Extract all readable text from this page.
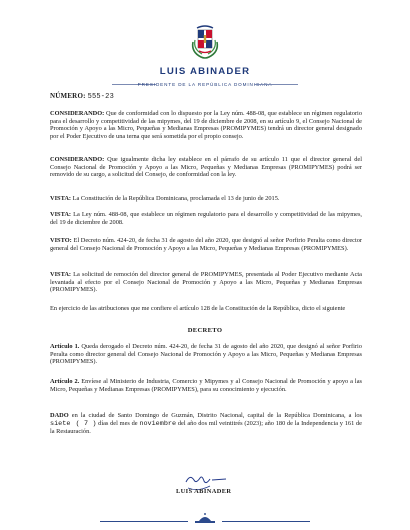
LUIS ABINADER
PRESIDENTE DE LA REPÚBLICA DOMINICANA
NÚMERO: 555-23
CONSIDERANDO: Que de conformidad con lo dispuesto por la Ley núm. 488-08, que establece un régimen regulatorio para el desarrollo y competitividad de las mipymes, del 19 de diciembre de 2008, en su artículo 9, el Consejo Nacional de Promoción y Apoyo a las Micro, Pequeñas y Medianas Empresas (PROMIPYMES) tendrá un director general designado por el Poder Ejecutivo de una terna que será sometida por el propio consejo.
CONSIDERANDO: Que igualmente dicha ley establece en el párrafo de su artículo 11 que el director general del Consejo Nacional de Promoción y Apoyo a las Micro, Pequeñas y Medianas Empresas (PROMIPYMES) podrá ser removido de su cargo, a solicitud del Consejo, de conformidad con la ley.
VISTA: La Constitución de la República Dominicana, proclamada el 13 de junio de 2015.
VISTA: La Ley núm. 488-08, que establece un régimen regulatorio para el desarrollo y competitividad de las mipymes, del 19 de diciembre de 2008.
VISTO: El Decreto núm. 424-20, de fecha 31 de agosto del año 2020, que designó al señor Porfirio Peralta como director general del Consejo Nacional de Promoción y Apoyo a las Micro, Pequeñas y Medianas Empresas (PROMIPYMES).
VISTA: La solicitud de remoción del director general de PROMIPYMES, presentada al Poder Ejecutivo mediante Acta levantada al efecto por el Consejo Nacional de Promoción y Apoyo a las Micro, Pequeñas y Medianas Empresas (PROMIPYMES).
En ejercicio de las atribuciones que me confiere el artículo 128 de la Constitución de la República, dicto el siguiente
DECRETO
Artículo 1. Queda derogado el Decreto núm. 424-20, de fecha 31 de agosto del año 2020, que designó al señor Porfirio Peralta como director general del Consejo Nacional de Promoción y Apoyo a las Micro, Pequeñas y Medianas Empresas (PROMIPYMES).
Artículo 2. Envíese al Ministerio de Industria, Comercio y Mipymes y al Consejo Nacional de Promoción y apoyo a las Micro, Pequeñas y Medianas Empresas (PROMIPYMES), para su conocimiento y ejecución.
DADO en la ciudad de Santo Domingo de Guzmán, Distrito Nacional, capital de la República Dominicana, a los siete ( 7 ) días del mes de noviembre del año dos mil veintitrés (2023); año 180 de la Independencia y 161 de la Restauración.
LUIS ABINADER
